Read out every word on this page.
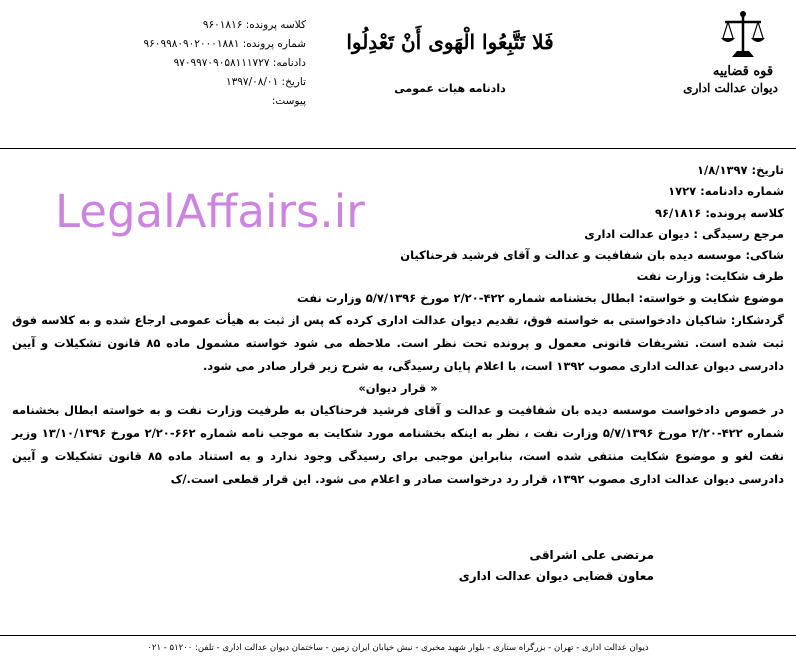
قوه قضاییه
دیوان عدالت اداری
فَلا تَتَّبِعُوا الْهَوى‏ أَنْ تَعْدِلُوا
دادنامه هیات عمومی
کلاسه پرونده: ۹۶۰۱۸۱۶
شماره پرونده: ۹۶۰۹۹۸۰۹۰۲۰۰۰۱۸۸۱
دادنامه: ۹۷۰۹۹۷۰۹۰۵۸۱۱۱۷۲۷
تاریخ: ۱۳۹۷/۰۸/۰۱
پیوست:
تاریخ: ۱/۸/۱۳۹۷
شماره دادنامه: ۱۷۲۷
کلاسه پرونده: ۹۶/۱۸۱۶
مرجع رسیدگی : دیوان عدالت اداری
شاکی: موسسه دیده بان شفافیت و عدالت و آقای فرشید فرحناکیان
طرف شکایت: وزارت نفت
موضوع شکایت و خواسته: ابطال بخشنامه شماره ۴۲۲-۲/۲۰ مورخ ۵/۷/۱۳۹۶ وزارت نفت
گردشکار: شاکیان دادخواستی به خواسته فوق، تقدیم دیوان عدالت اداری کرده که پس از ثبت به هیأت عمومی ارجاع شده و به کلاسه فوق ثبت شده است. تشریفات قانونی معمول و پرونده تحت نظر است. ملاحظه می شود خواسته مشمول ماده ۸۵ قانون تشکیلات و آیین دادرسی دیوان عدالت اداری مصوب ۱۳۹۲ است، با اعلام پایان رسیدگی، به شرح زیر قرار صادر می شود.
« قرار دیوان»
در خصوص دادخواست موسسه دیده بان شفافیت و عدالت و آقای فرشید فرحناکیان به طرفیت وزارت نفت و به خواسته ابطال بخشنامه شماره ۴۲۲-۲/۲۰ مورخ ۵/۷/۱۳۹۶ وزارت نفت ، نظر به اینکه بخشنامه مورد شکایت به موجب نامه شماره ۶۶۲-۲/۲۰ مورخ ۱۳/۱۰/۱۳۹۶ وزیر نفت لغو و موضوع شکایت منتفی شده است، بنابراین موجبی برای رسیدگی وجود ندارد و به استناد ماده ۸۵ قانون تشکیلات و آیین دادرسی دیوان عدالت اداری مصوب ۱۳۹۲، قرار رد درخواست صادر و اعلام می شود. این قرار قطعی است./ک
LegalAffairs.ir
مرتضی علی اشراقی
معاون قضایی دیوان عدالت اداری
دیوان عدالت اداری - تهران - بزرگراه ستاری - بلوار شهید مخبری - نبش خیابان ایران زمین - ساختمان دیوان عدالت اداری - تلفن: ۵۱۲۰۰ - ۰۲۱
